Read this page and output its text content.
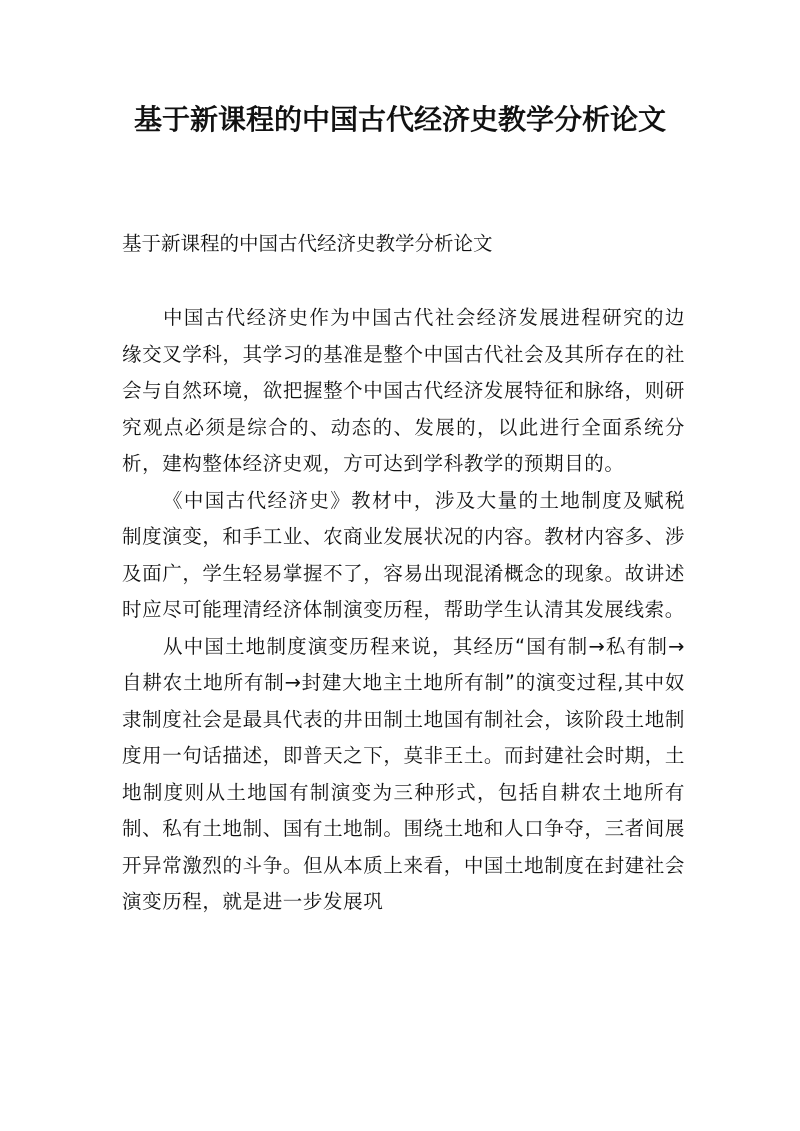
基于新课程的中国古代经济史教学分析论文
基于新课程的中国古代经济史教学分析论文

中国古代经济史作为中国古代社会经济发展进程研究的边缘交叉学科，其学习的基准是整个中国古代社会及其所存在的社会与自然环境，欲把握整个中国古代经济发展特征和脉络，则研究观点必须是综合的、动态的、发展的，以此进行全面系统分析，建构整体经济史观，方可达到学科教学的预期目的。

《中国古代经济史》教材中，涉及大量的土地制度及赋税制度演变，和手工业、农商业发展状况的内容。教材内容多、涉及面广，学生轻易掌握不了，容易出现混淆概念的现象。故讲述时应尽可能理清经济体制演变历程，帮助学生认清其发展线索。

从中国土地制度演变历程来说，其经历“国有制→私有制→自耕农土地所有制→封建大地主土地所有制”的演变过程,其中奴隶制度社会是最具代表的井田制土地国有制社会，该阶段土地制度用一句话描述，即普天之下，莫非王土。而封建社会时期，土地制度则从土地国有制演变为三种形式，包括自耕农土地所有制、私有土地制、国有土地制。围绕土地和人口争夺，三者间展开异常激烈的斗争。但从本质上来看，中国土地制度在封建社会演变历程，就是进一步发展巩
